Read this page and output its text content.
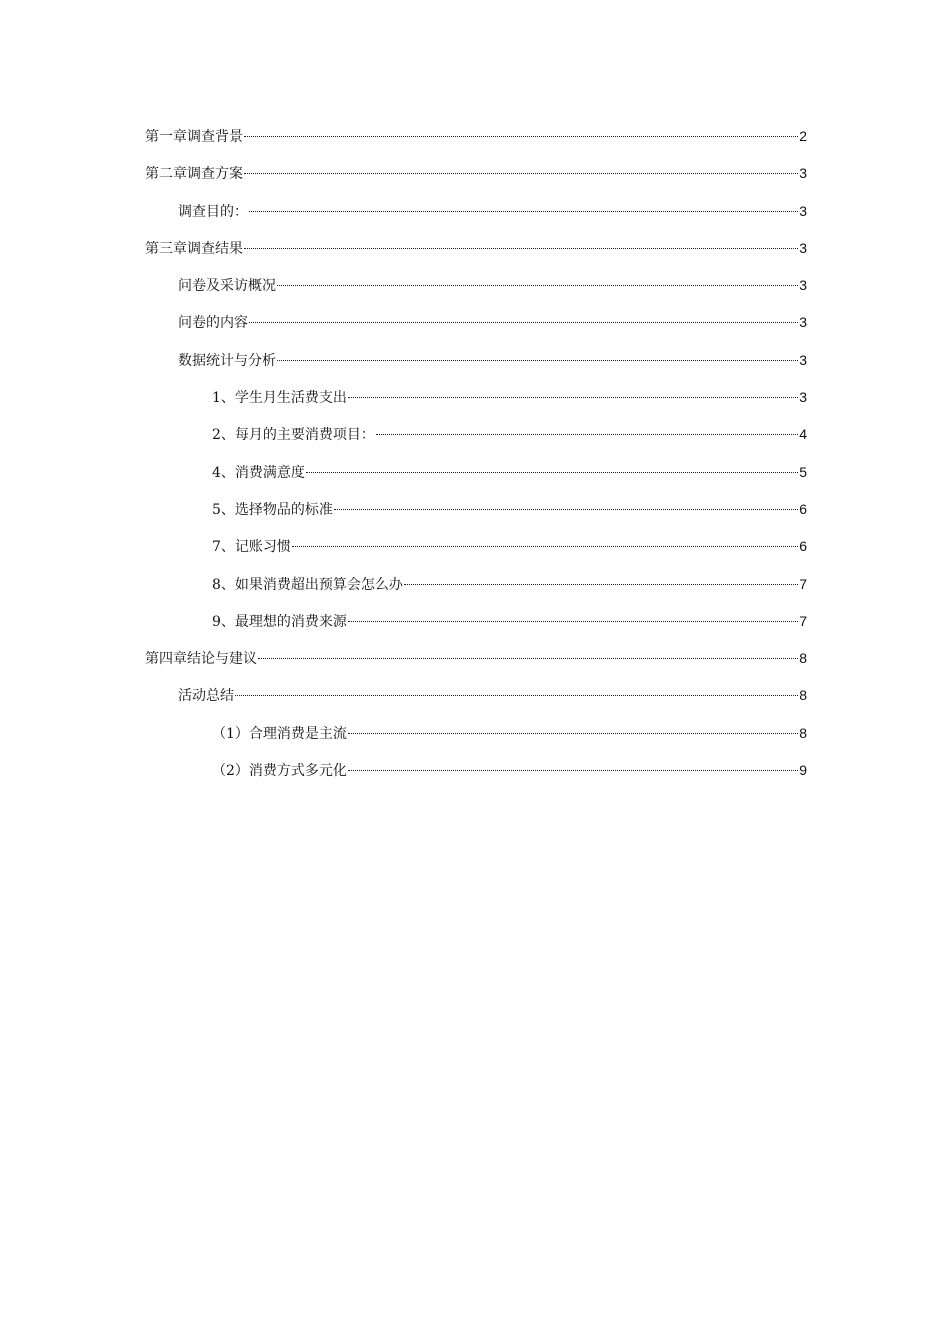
第一章调查背景	2
第二章调查方案	3
调查目的：	3
第三章调查结果	3
问卷及采访概况	3
问卷的内容	3
数据统计与分析	3
1、学生月生活费支出	3
2、每月的主要消费项目：	4
4、消费满意度	5
5、选择物品的标准	6
7、记账习惯	6
8、如果消费超出预算会怎么办	7
9、最理想的消费来源	7
第四章结论与建议	8
活动总结	8
（1）合理消费是主流	8
（2）消费方式多元化	9
